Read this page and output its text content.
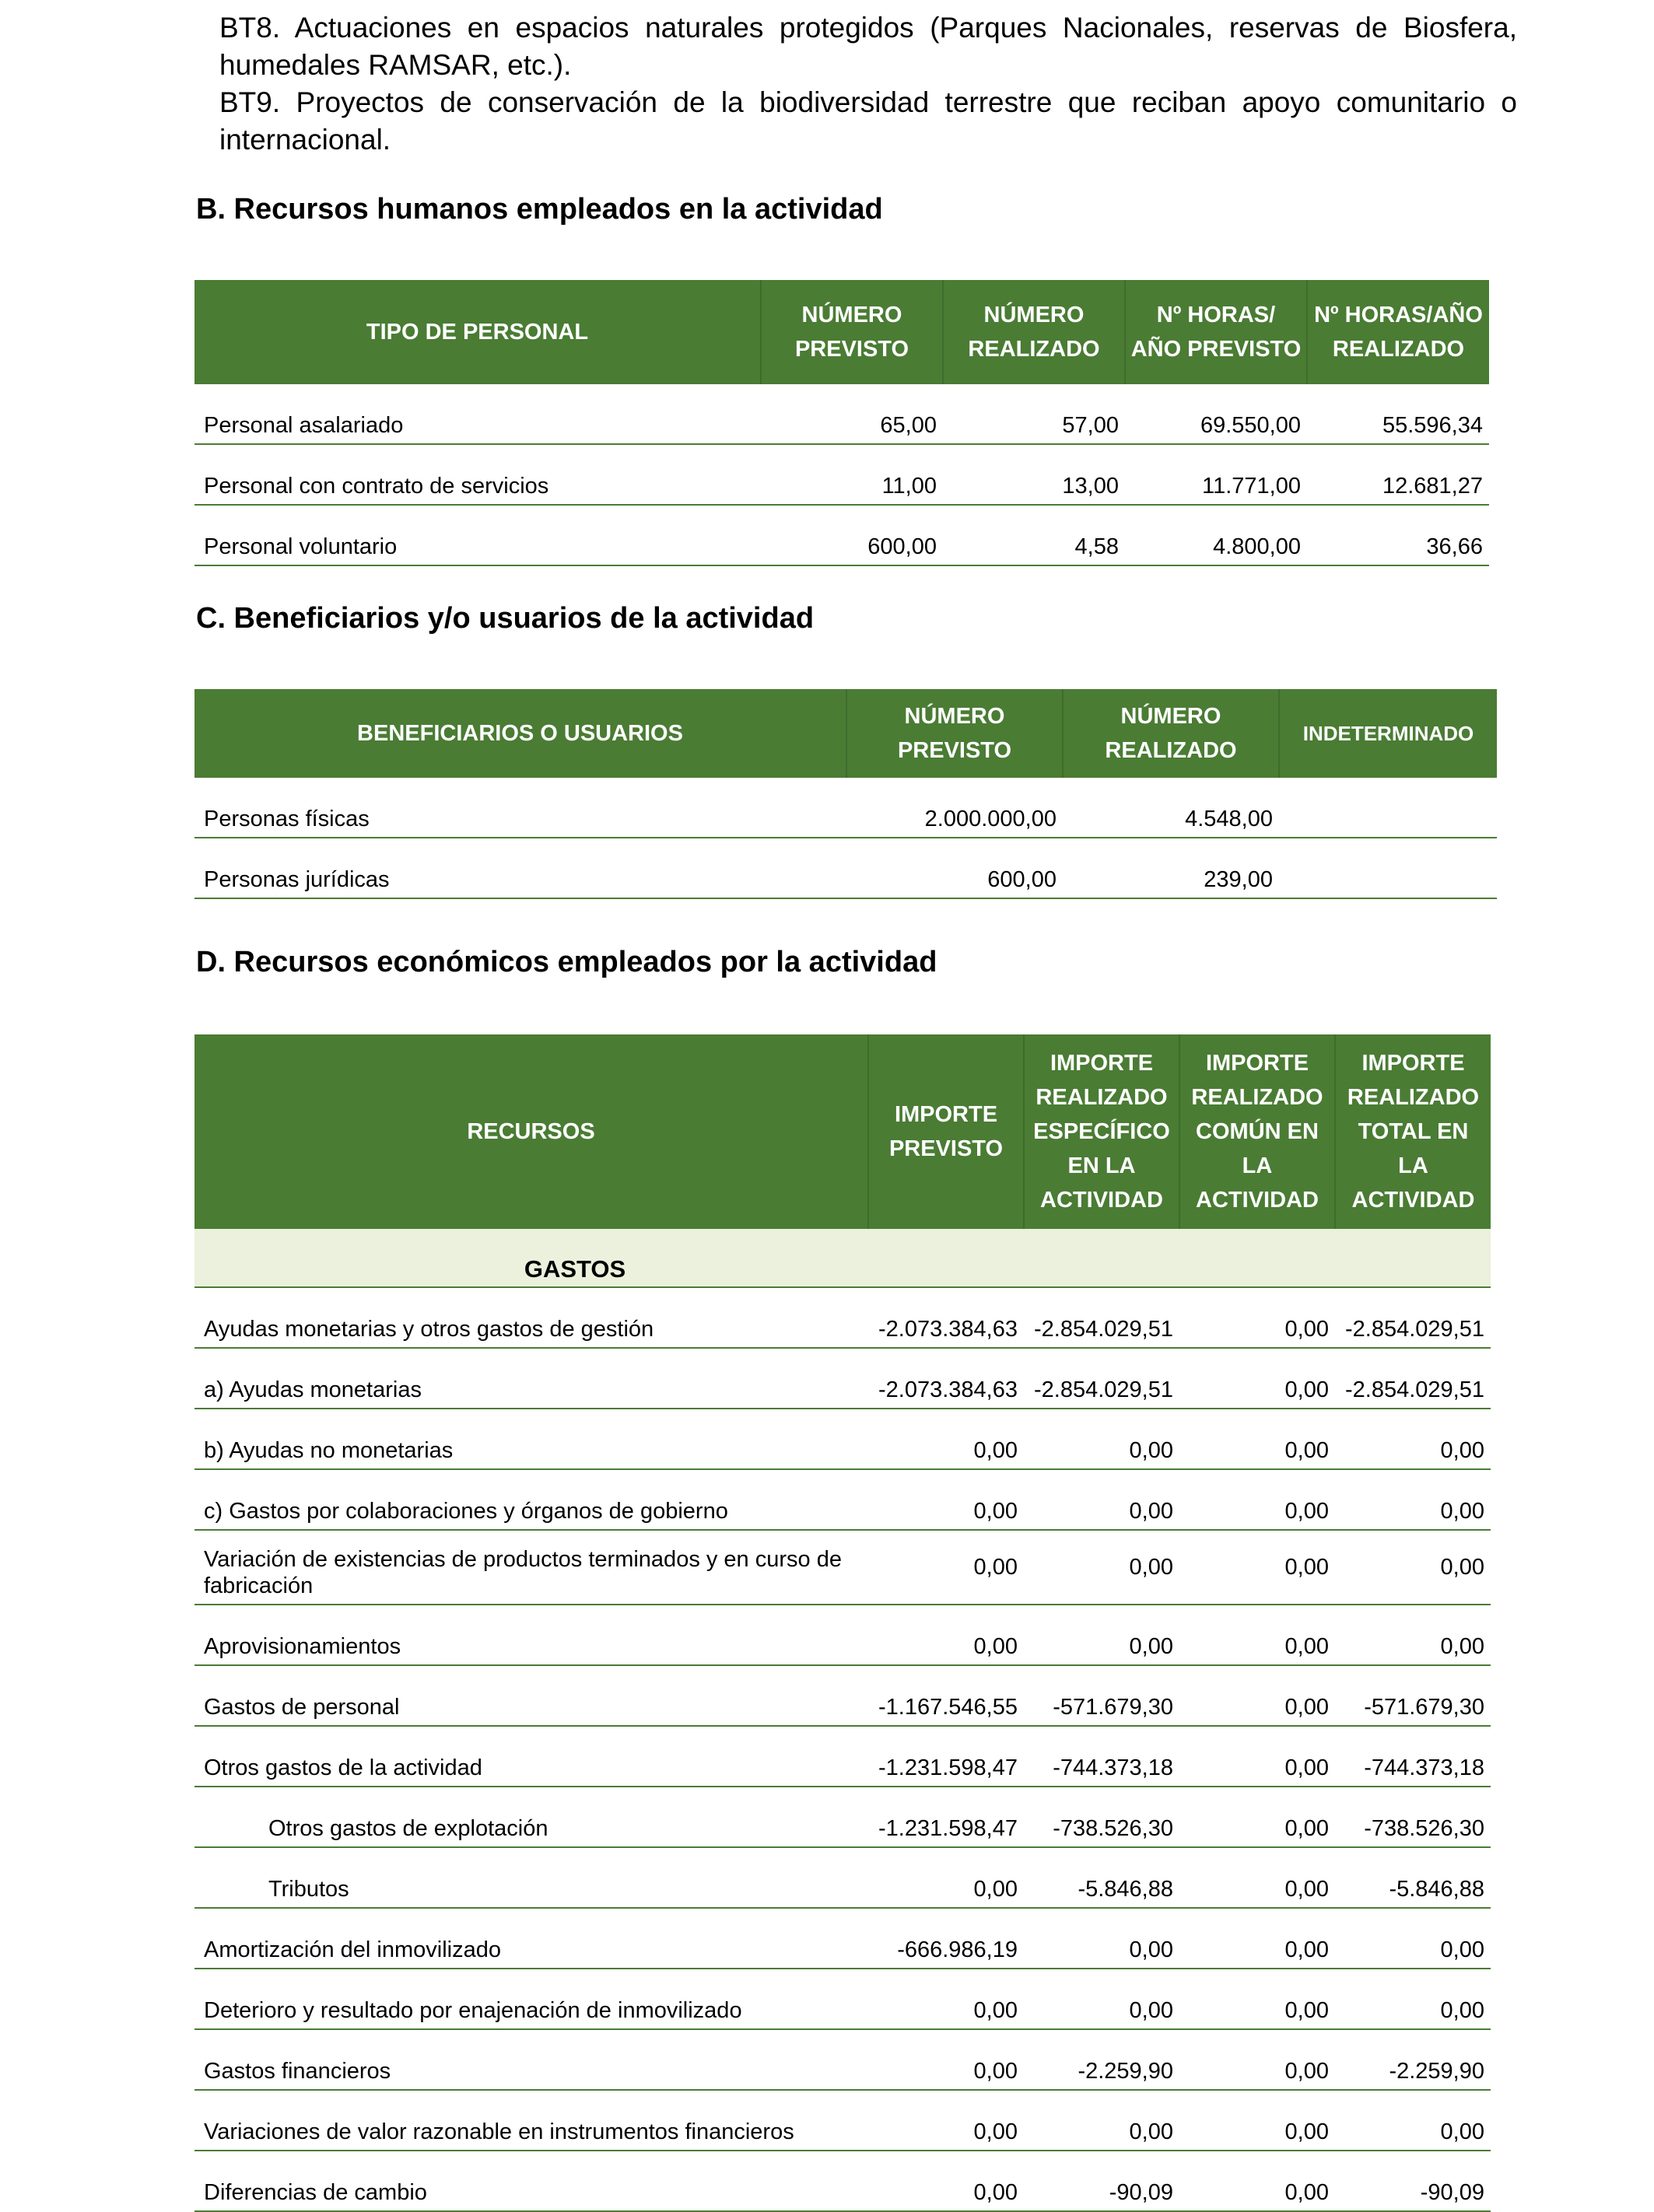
BT8. Actuaciones en espacios naturales protegidos (Parques Nacionales, reservas de Biosfera, humedales RAMSAR, etc.).

BT9. Proyectos de conservación de la biodiversidad terrestre que reciban apoyo comunitario o internacional.

B. Recursos humanos empleados en la actividad
TIPO DE PERSONAL	NÚMERO PREVISTO	NÚMERO REALIZADO	Nº HORAS/ AÑO PREVISTO	Nº HORAS/AÑO REALIZADO
Personal asalariado	65,00	57,00	69.550,00	55.596,34
Personal con contrato de servicios	11,00	13,00	11.771,00	12.681,27
Personal voluntario	600,00	4,58	4.800,00	36,66
C. Beneficiarios y/o usuarios de la actividad
BENEFICIARIOS O USUARIOS	NÚMERO PREVISTO	NÚMERO REALIZADO	INDETERMINADO
Personas físicas	2.000.000,00	4.548,00	
Personas jurídicas	600,00	239,00	
D. Recursos económicos empleados por la actividad
RECURSOS	IMPORTE PREVISTO	IMPORTE REALIZADO ESPECÍFICO EN LA ACTIVIDAD	IMPORTE REALIZADO COMÚN EN LA ACTIVIDAD	IMPORTE REALIZADO TOTAL EN LA ACTIVIDAD
GASTOS				
Ayudas monetarias y otros gastos de gestión	-2.073.384,63	-2.854.029,51	0,00	-2.854.029,51
a) Ayudas monetarias	-2.073.384,63	-2.854.029,51	0,00	-2.854.029,51
b) Ayudas no monetarias	0,00	0,00	0,00	0,00
c) Gastos por colaboraciones y órganos de gobierno	0,00	0,00	0,00	0,00
Variación de existencias de productos terminados y en curso de fabricación	0,00	0,00	0,00	0,00
Aprovisionamientos	0,00	0,00	0,00	0,00
Gastos de personal	-1.167.546,55	-571.679,30	0,00	-571.679,30
Otros gastos de la actividad	-1.231.598,47	-744.373,18	0,00	-744.373,18
Otros gastos de explotación	-1.231.598,47	-738.526,30	0,00	-738.526,30
Tributos	0,00	-5.846,88	0,00	-5.846,88
Amortización del inmovilizado	-666.986,19	0,00	0,00	0,00
Deterioro y resultado por enajenación de inmovilizado	0,00	0,00	0,00	0,00
Gastos financieros	0,00	-2.259,90	0,00	-2.259,90
Variaciones de valor razonable en instrumentos financieros	0,00	0,00	0,00	0,00
Diferencias de cambio	0,00	-90,09	0,00	-90,09
